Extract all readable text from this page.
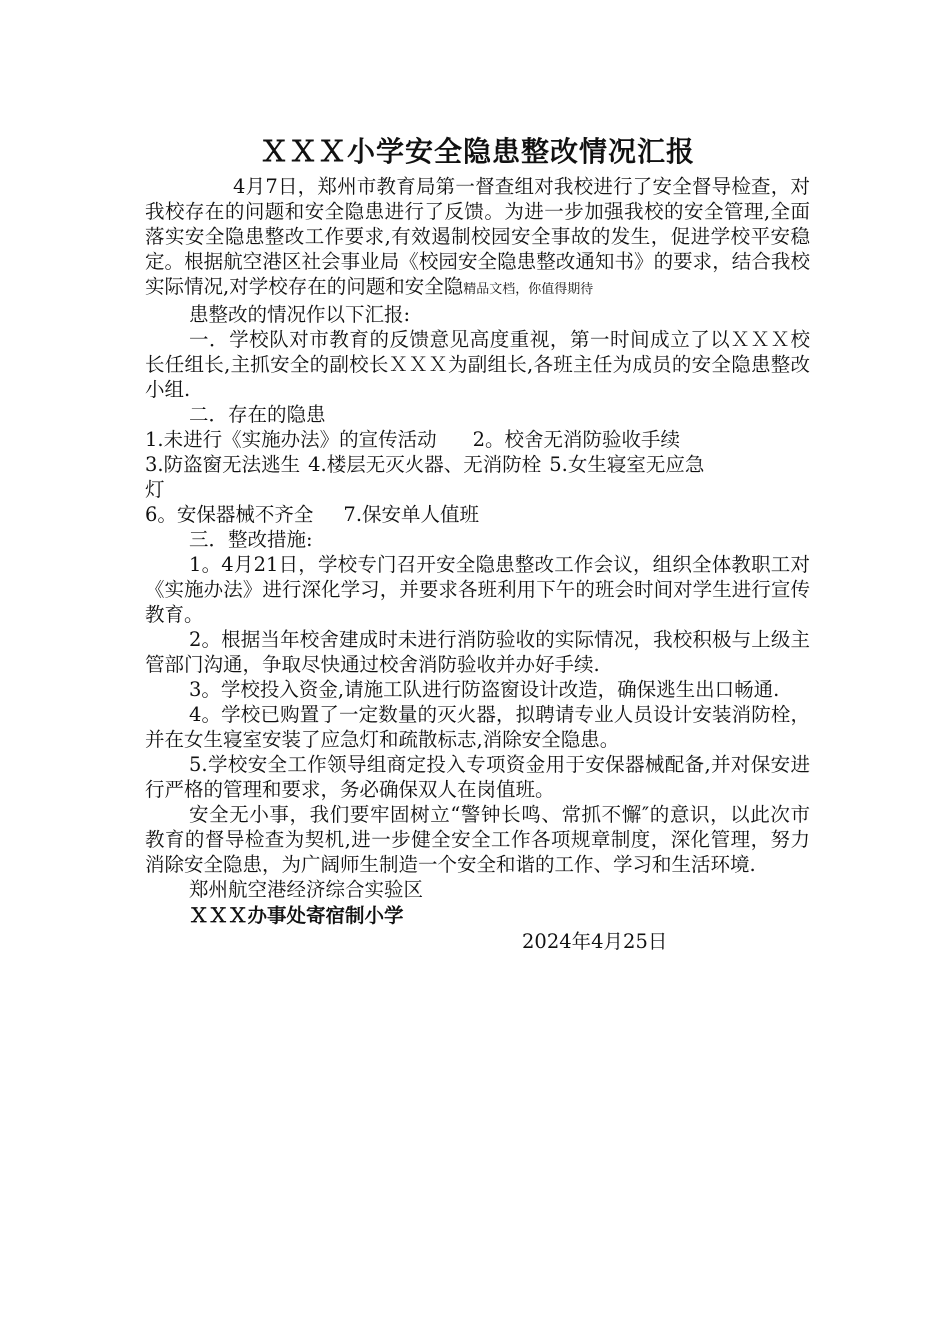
ＸＸＸ小学安全隐患整改情况汇报

4月7日，郑州市教育局第一督查组对我校进行了安全督导检查，对我校存在的问题和安全隐患进行了反馈。为进一步加强我校的安全管理,全面落实安全隐患整改工作要求,有效遏制校园安全事故的发生，促进学校平安稳定。根据航空港区社会事业局《校园安全隐患整改通知书》的要求，结合我校实际情况,对学校存在的问题和安全隐精品文档，你值得期待

患整改的情况作以下汇报:

一．学校队对市教育的反馈意见高度重视，第一时间成立了以ＸＸＸ校长任组长,主抓安全的副校长ＸＸＸ为副组长,各班主任为成员的安全隐患整改小组.

二．存在的隐患

1.未进行《实施办法》的宣传活动 2。校舍无消防验收手续
3.防盗窗无法逃生 4.楼层无灭火器、无消防栓 5.女生寝室无应急
灯
6。安保器械不齐全 7.保安单人值班

三．整改措施:

1。4月21日，学校专门召开安全隐患整改工作会议，组织全体教职工对《实施办法》进行深化学习，并要求各班利用下午的班会时间对学生进行宣传教育。

2。根据当年校舍建成时未进行消防验收的实际情况，我校积极与上级主管部门沟通，争取尽快通过校舍消防验收并办好手续.

3。学校投入资金,请施工队进行防盗窗设计改造，确保逃生出口畅通.

4。学校已购置了一定数量的灭火器，拟聘请专业人员设计安装消防栓，并在女生寝室安装了应急灯和疏散标志,消除安全隐患。

5.学校安全工作领导组商定投入专项资金用于安保器械配备,并对保安进行严格的管理和要求，务必确保双人在岗值班。

安全无小事，我们要牢固树立“警钟长鸣、常抓不懈″的意识，以此次市教育的督导检查为契机,进一步健全安全工作各项规章制度，深化管理，努力消除安全隐患，为广阔师生制造一个安全和谐的工作、学习和生活环境.

郑州航空港经济综合实验区
ＸＸＸ办事处寄宿制小学
2024年4月25日
